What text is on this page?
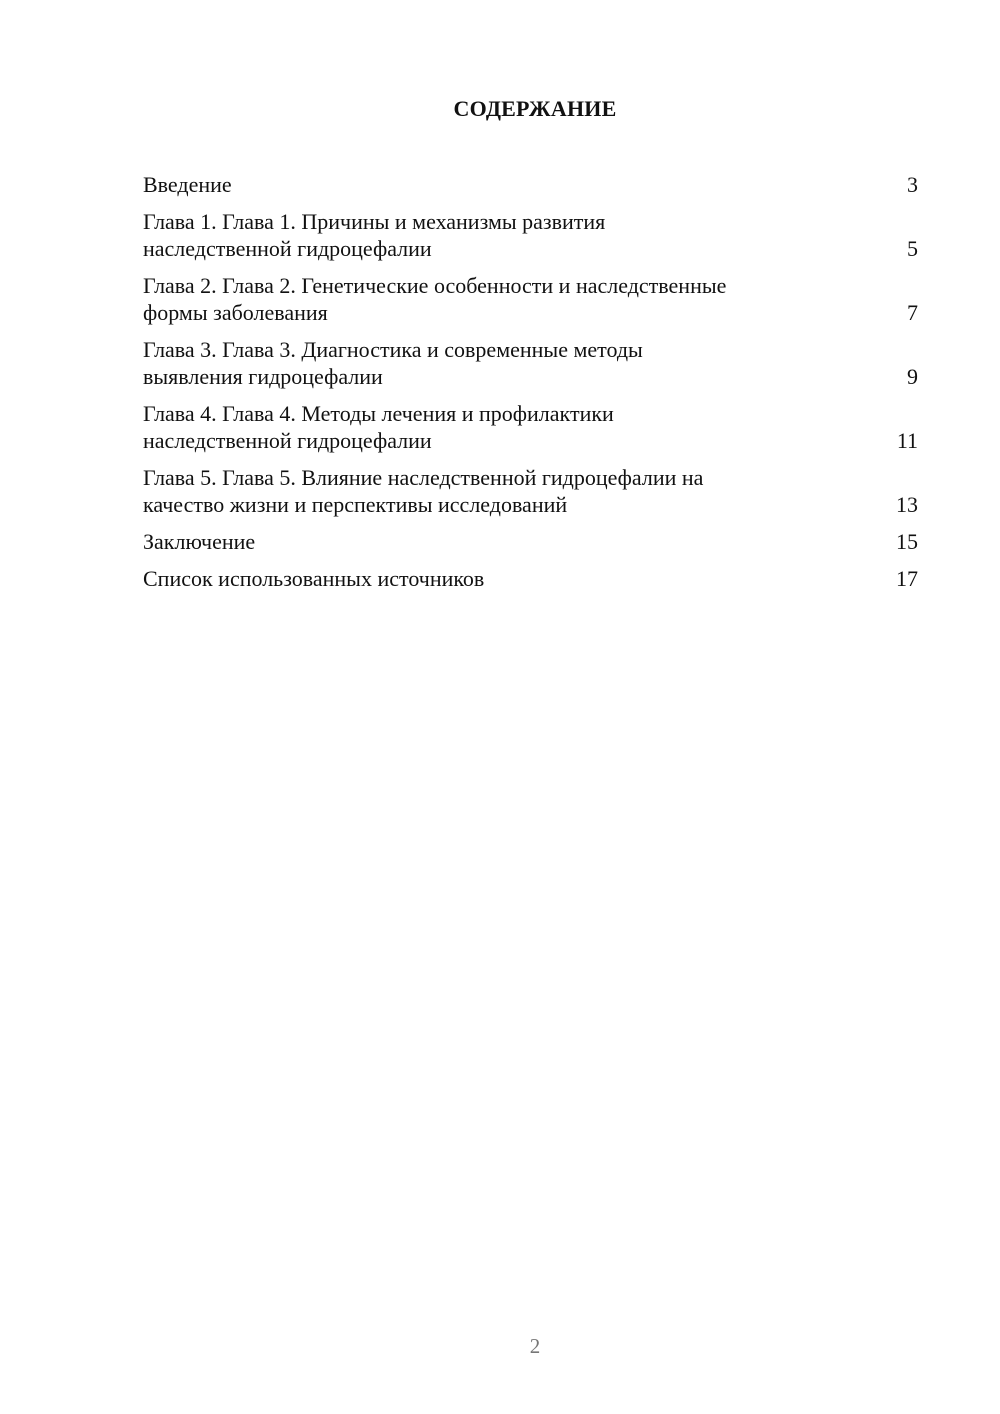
СОДЕРЖАНИЕ
Введение	3
Глава 1. Глава 1. Причины и механизмы развития
наследственной гидроцефалии	5
Глава 2. Глава 2. Генетические особенности и наследственные
формы заболевания	7
Глава 3. Глава 3. Диагностика и современные методы
выявления гидроцефалии	9
Глава 4. Глава 4. Методы лечения и профилактики
наследственной гидроцефалии	11
Глава 5. Глава 5. Влияние наследственной гидроцефалии на
качество жизни и перспективы исследований	13
Заключение	15
Список использованных источников	17
2
